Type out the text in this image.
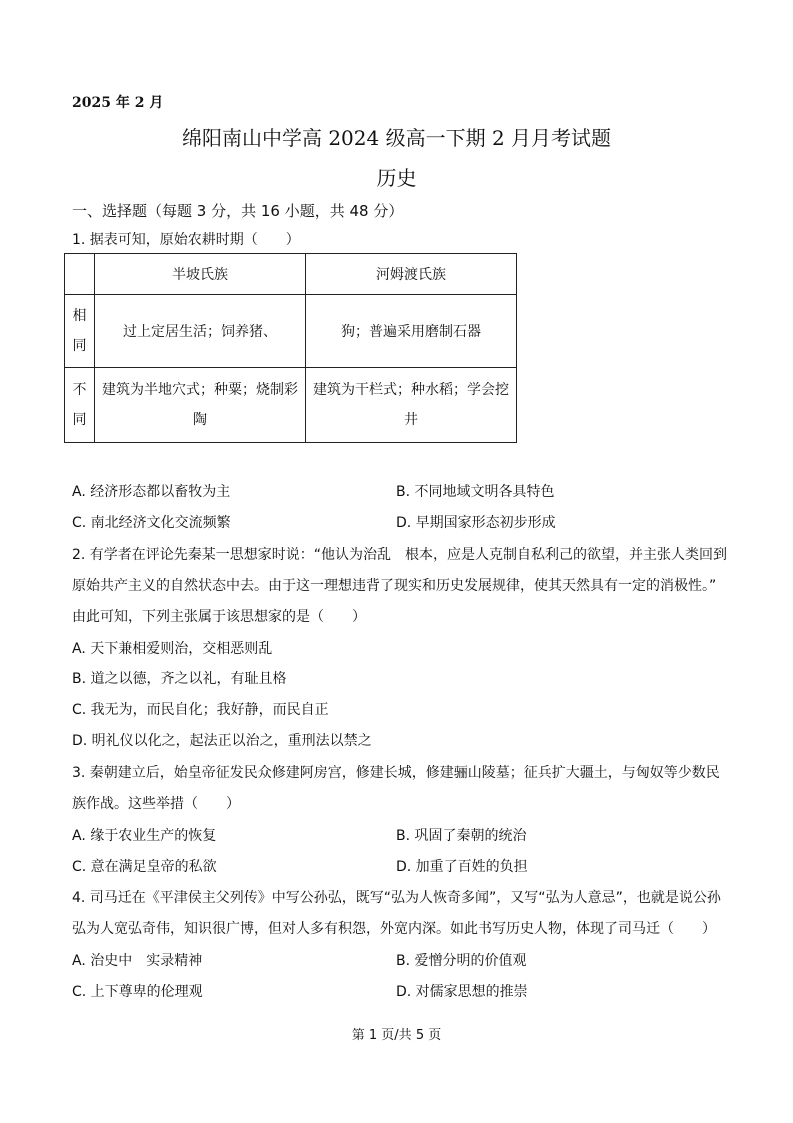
2025 年 2 月
绵阳南山中学高 2024 级高一下期 2 月月考试题
历史
一、选择题（每题 3 分，共 16 小题，共 48 分）
1. 据表可知，原始农耕时期（　　）
	半坡氏族	河姆渡氏族

相同	过上定居生活；饲养猪、	狗；普遍采用磨制石器

不同	建筑为半地穴式；种粟；烧制彩陶	建筑为干栏式；种水稻；学会挖井
A. 经济形态都以畜牧为主	B. 不同地域文明各具特色
C. 南北经济文化交流频繁	D. 早期国家形态初步形成
2. 有学者在评论先秦某一思想家时说：“他认为治乱　根本，应是人克制自私利己的欲望，并主张人类回到
原始共产主义的自然状态中去。由于这一理想违背了现实和历史发展规律，使其天然具有一定的消极性。”
由此可知，下列主张属于该思想家的是（　　）
A. 天下兼相爱则治，交相恶则乱
B. 道之以德，齐之以礼，有耻且格
C. 我无为，而民自化；我好静，而民自正
D. 明礼仪以化之，起法正以治之，重刑法以禁之
3. 秦朝建立后，始皇帝征发民众修建阿房宫，修建长城，修建骊山陵墓；征兵扩大疆土，与匈奴等少数民
族作战。这些举措（　　）
A. 缘于农业生产的恢复	B. 巩固了秦朝的统治
C. 意在满足皇帝的私欲	D. 加重了百姓的负担
4. 司马迁在《平津侯主父列传》中写公孙弘，既写“弘为人恢奇多闻”，又写“弘为人意忌”，也就是说公孙
弘为人宽弘奇伟，知识很广博，但对人多有积怨，外宽内深。如此书写历史人物，体现了司马迁（　　）
A. 治史中　实录精神	B. 爱憎分明的价值观
C. 上下尊卑的伦理观	D. 对儒家思想的推崇
第 1 页/共 5 页
